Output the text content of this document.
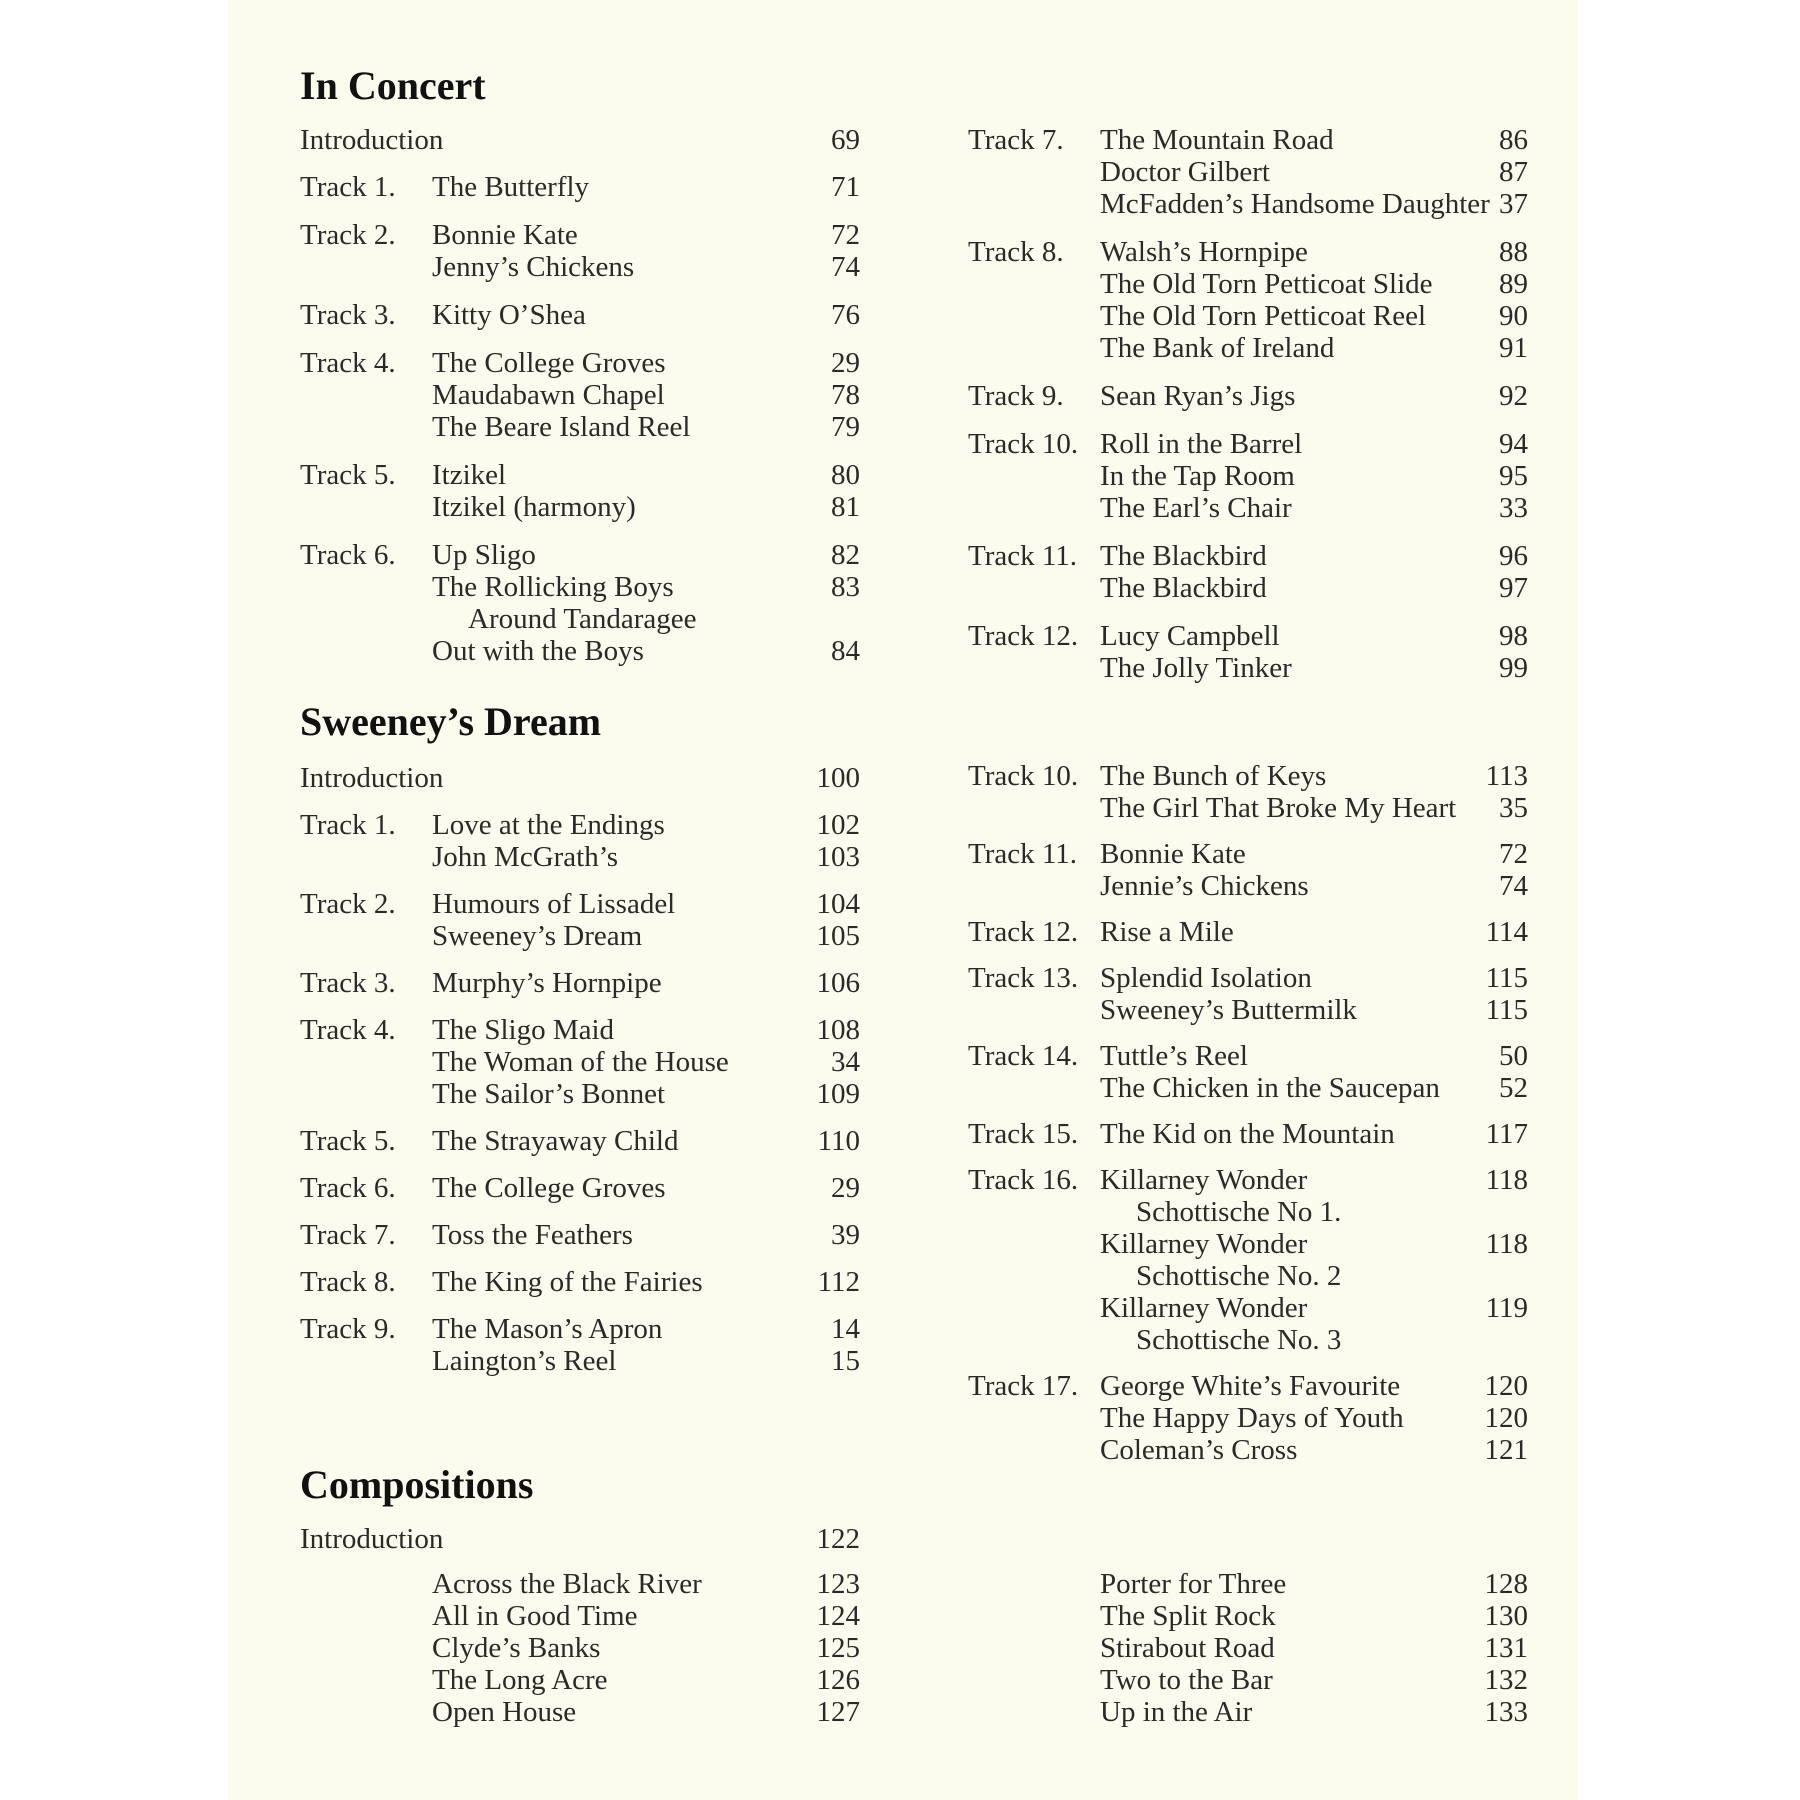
In Concert
Introduction	69
Track 1. The Butterfly	71
Track 2. Bonnie Kate	72
Jenny’s Chickens	74
Track 3. Kitty O’Shea	76
Track 4. The College Groves	29
Maudabawn Chapel	78
The Beare Island Reel	79
Track 5. Itzikel	80
Itzikel (harmony)	81
Track 6. Up Sligo	82
The Rollicking Boys	83
Around Tandaragee
Out with the Boys	84
Track 7. The Mountain Road	86
Doctor Gilbert	87
McFadden’s Handsome Daughter 37
Track 8. Walsh’s Hornpipe	88
The Old Torn Petticoat Slide 89
The Old Torn Petticoat Reel	90
The Bank of Ireland	91
Track 9. Sean Ryan’s Jigs	92
Track 10. Roll in the Barrel	94
In the Tap Room	95
The Earl’s Chair	33
Track 11. The Blackbird	96
The Blackbird	97
Track 12. Lucy Campbell	98
The Jolly Tinker	99
Sweeney’s Dream
Introduction	100
Track 1. Love at the Endings	102
John McGrath’s	103
Track 2. Humours of Lissadel	104
Sweeney’s Dream	105
Track 3. Murphy’s Hornpipe	106
Track 4. The Sligo Maid	108
The Woman of the House	34
The Sailor’s Bonnet	109
Track 5. The Strayaway Child	110
Track 6. The College Groves	29
Track 7. Toss the Feathers	39
Track 8. The King of the Fairies	112
Track 9. The Mason’s Apron	14
Laington’s Reel	15
Track 10. The Bunch of Keys	113
The Girl That Broke My Heart 35
Track 11. Bonnie Kate	72
Jennie’s Chickens	74
Track 12. Rise a Mile	114
Track 13. Splendid Isolation	115
Sweeney’s Buttermilk	115
Track 14. Tuttle’s Reel	50
The Chicken in the Saucepan 52
Track 15. The Kid on the Mountain	117
Track 16. Killarney Wonder	118
Schottische No 1.
Killarney Wonder	118
Schottische No. 2
Killarney Wonder	119
Schottische No. 3
Track 17. George White’s Favourite	120
The Happy Days of Youth	120
Coleman’s Cross	121
Compositions
Introduction	122
Across the Black River	123
All in Good Time	124
Clyde’s Banks	125
The Long Acre	126
Open House	127
Porter for Three	128
The Split Rock	130
Stirabout Road	131
Two to the Bar	132
Up in the Air	133
